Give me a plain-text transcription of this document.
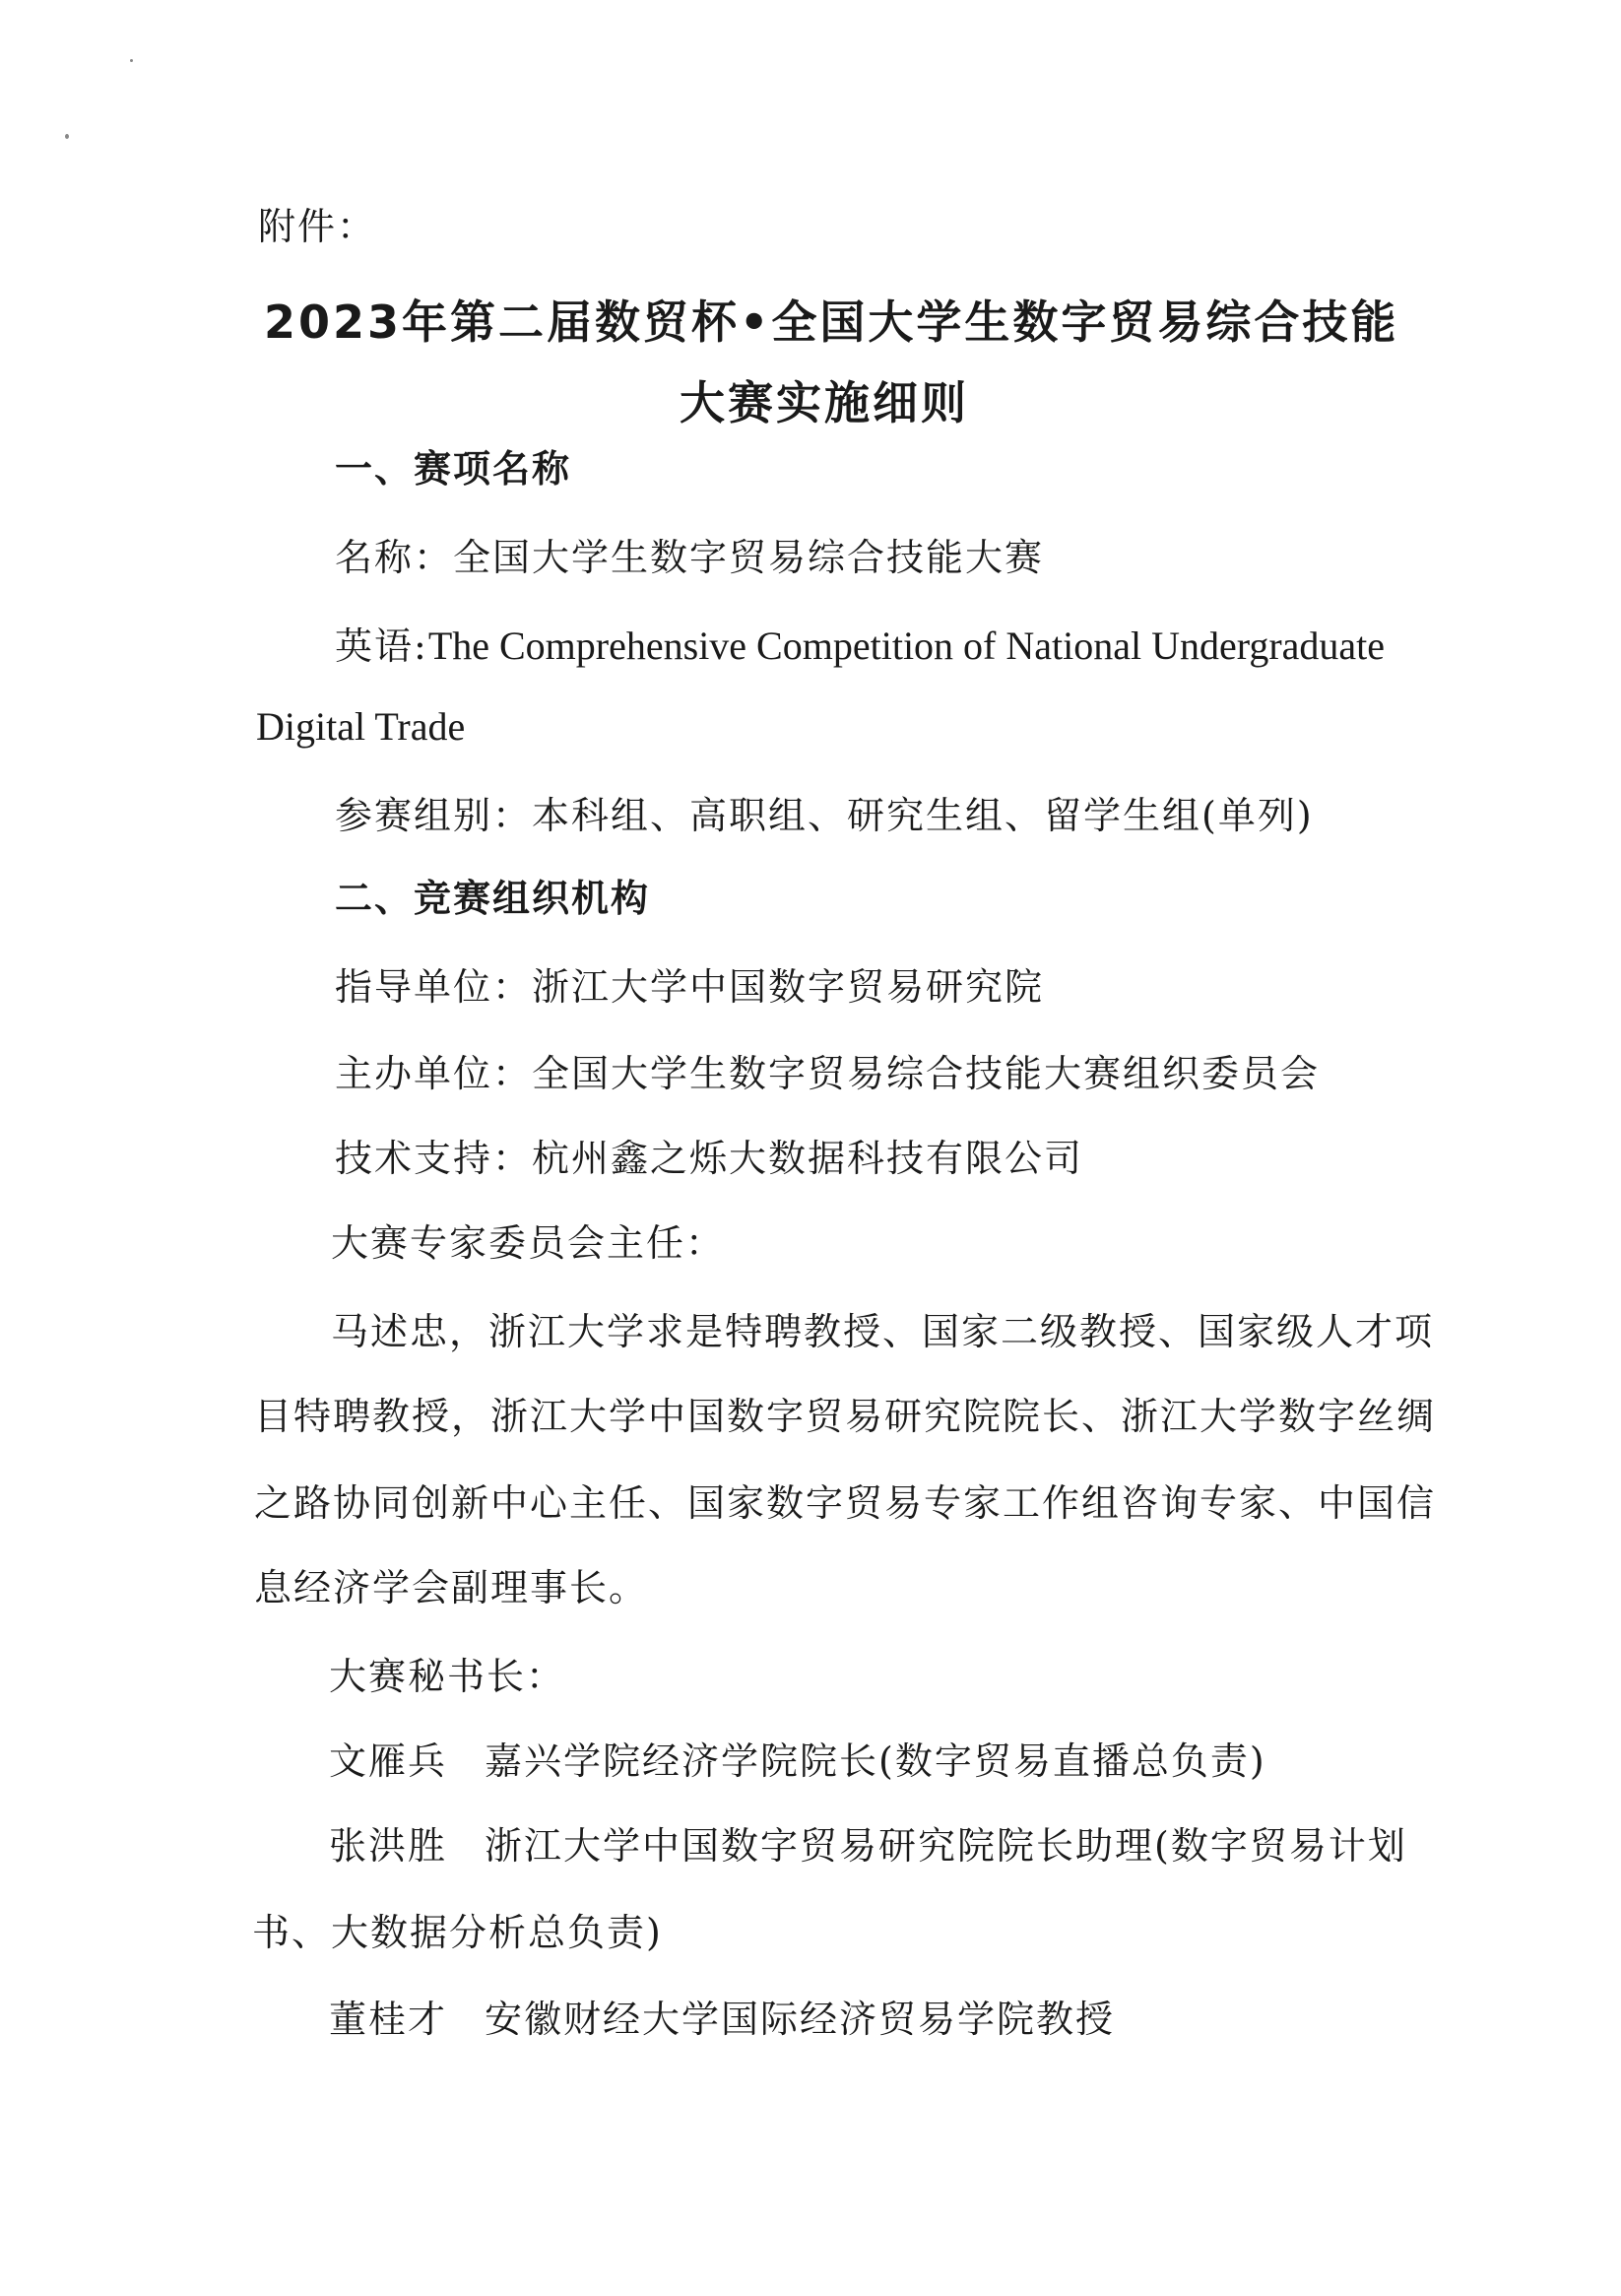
附件：
2023年第二届数贸杯•全国大学生数字贸易综合技能
大赛实施细则
一、赛项名称
名称：全国大学生数字贸易综合技能大赛
英语:The Comprehensive Competition of National Undergraduate
Digital Trade
参赛组别：本科组、高职组、研究生组、留学生组(单列)
二、竞赛组织机构
指导单位：浙江大学中国数字贸易研究院
主办单位：全国大学生数字贸易综合技能大赛组织委员会
技术支持：杭州鑫之烁大数据科技有限公司
大赛专家委员会主任：
马述忠，浙江大学求是特聘教授、国家二级教授、国家级人才项
目特聘教授，浙江大学中国数字贸易研究院院长、浙江大学数字丝绸
之路协同创新中心主任、国家数字贸易专家工作组咨询专家、中国信
息经济学会副理事长。
大赛秘书长：
文雁兵 嘉兴学院经济学院院长(数字贸易直播总负责)
张洪胜 浙江大学中国数字贸易研究院院长助理(数字贸易计划
书、大数据分析总负责)
董桂才 安徽财经大学国际经济贸易学院教授
